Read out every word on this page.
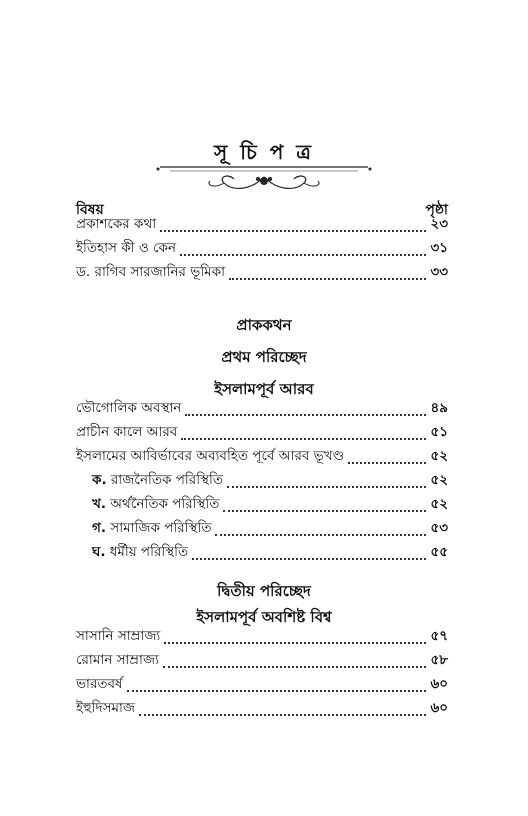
সূ চি প ত্র
বিষয়	পৃষ্ঠা
প্রকাশকের কথা	২৩
ইতিহাস কী ও কেন	৩১
ড. রাগিব সারজানির ভূমিকা	৩৩
প্রাককথন
প্রথম পরিচ্ছেদ
ইসলামপূর্ব আরব
ভৌগোলিক অবস্থান	৪৯
প্রাচীন কালে আরব	৫১
ইসলামের আবির্ভাবের অব্যবহিত পূর্বে আরব ভূখণ্ড	৫২
ক. রাজনৈতিক পরিস্থিতি	৫২
খ. অর্থনৈতিক পরিস্থিতি	৫২
গ. সামাজিক পরিস্থিতি	৫৩
ঘ. ধর্মীয় পরিস্থিতি	৫৫
দ্বিতীয় পরিচ্ছেদ
ইসলামপূর্ব অবশিষ্ট বিশ্ব
সাসানি সাম্রাজ্য	৫৭
রোমান সাম্রাজ্য	৫৮
ভারতবর্ষ	৬০
ইহুদিসমাজ	৬০
